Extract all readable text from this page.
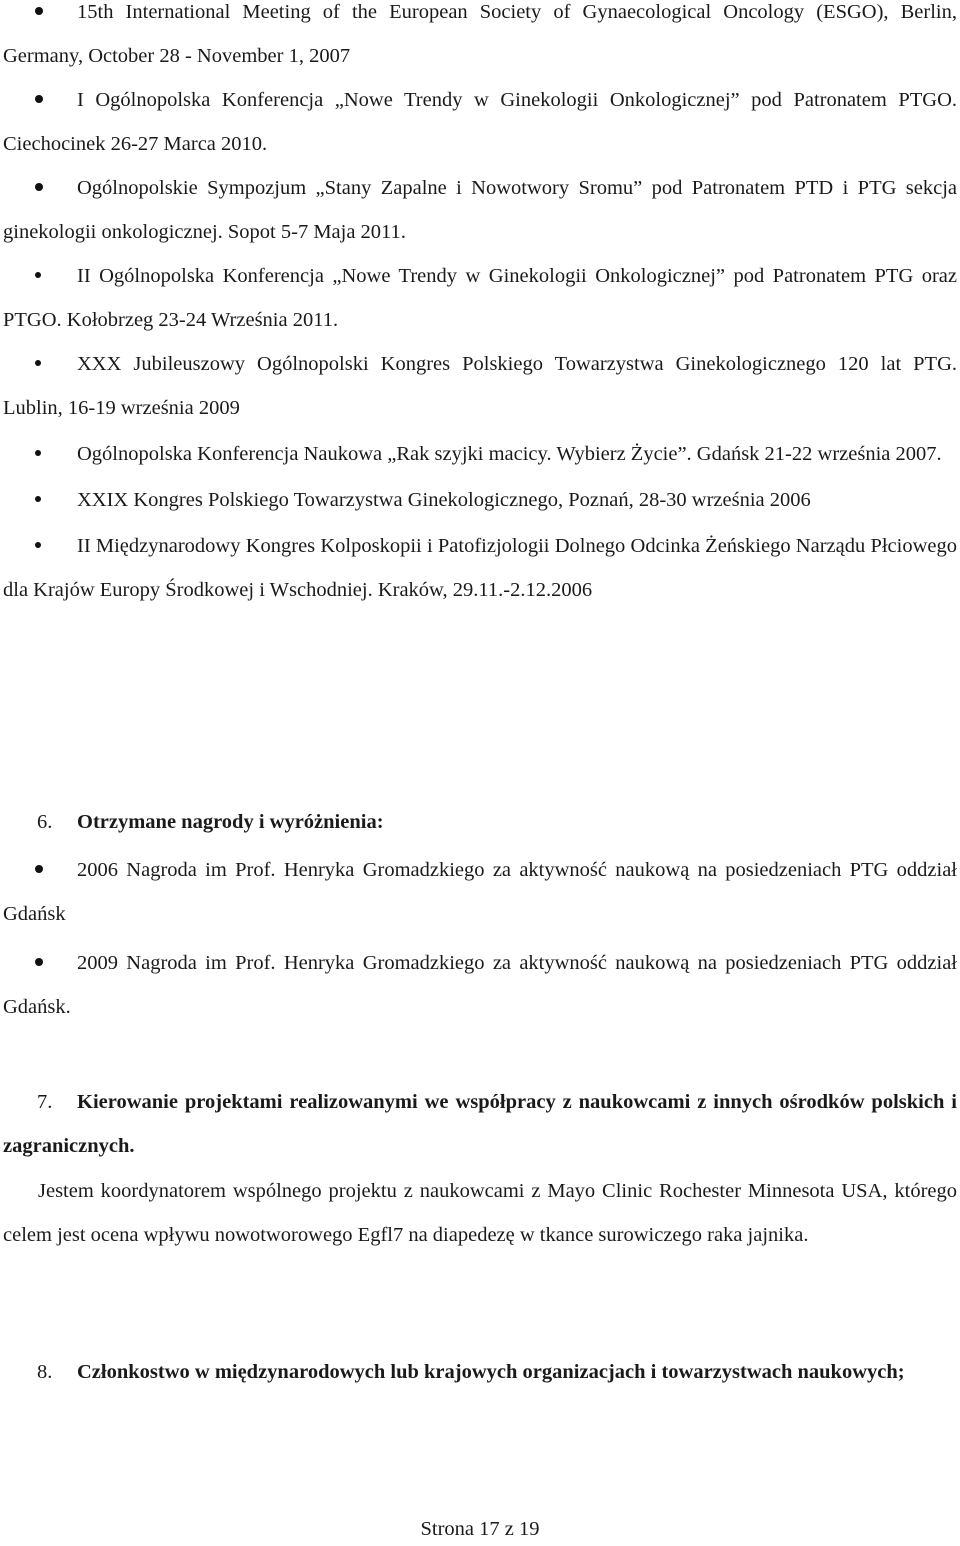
15th International Meeting of the European Society of Gynaecological Oncology (ESGO), Berlin, Germany, October 28 - November 1, 2007

I Ogólnopolska Konferencja „Nowe Trendy w Ginekologii Onkologicznej” pod Patronatem PTGO. Ciechocinek 26-27 Marca 2010.

Ogólnopolskie Sympozjum „Stany Zapalne i Nowotwory Sromu” pod Patronatem PTD i PTG sekcja ginekologii onkologicznej. Sopot 5-7 Maja 2011.

II Ogólnopolska Konferencja „Nowe Trendy w Ginekologii Onkologicznej” pod Patronatem PTG oraz PTGO. Kołobrzeg 23-24 Września 2011.

XXX Jubileuszowy Ogólnopolski Kongres Polskiego Towarzystwa Ginekologicznego 120 lat PTG. Lublin, 16-19 września 2009

Ogólnopolska Konferencja Naukowa „Rak szyjki macicy. Wybierz Życie”. Gdańsk 21-22 września 2007.

XXIX Kongres Polskiego Towarzystwa Ginekologicznego, Poznań, 28-30 września 2006

II Międzynarodowy Kongres Kolposkopii i Patofizjologii Dolnego Odcinka Żeńskiego Narządu Płciowego dla Krajów Europy Środkowej i Wschodniej. Kraków, 29.11.-2.12.2006

6. Otrzymane nagrody i wyróżnienia:

2006 Nagroda im Prof. Henryka Gromadzkiego za aktywność naukową na posiedzeniach PTG oddział Gdańsk

2009 Nagroda im Prof. Henryka Gromadzkiego za aktywność naukową na posiedzeniach PTG oddział Gdańsk.

7. Kierowanie projektami realizowanymi we współpracy z naukowcami z innych ośrodków polskich i zagranicznych.

Jestem koordynatorem wspólnego projektu z naukowcami z Mayo Clinic Rochester Minnesota USA, którego celem jest ocena wpływu nowotworowego Egfl7 na diapedezę w tkance surowiczego raka jajnika.

8. Członkostwo w międzynarodowych lub krajowych organizacjach i towarzystwach naukowych;

Strona 17 z 19
